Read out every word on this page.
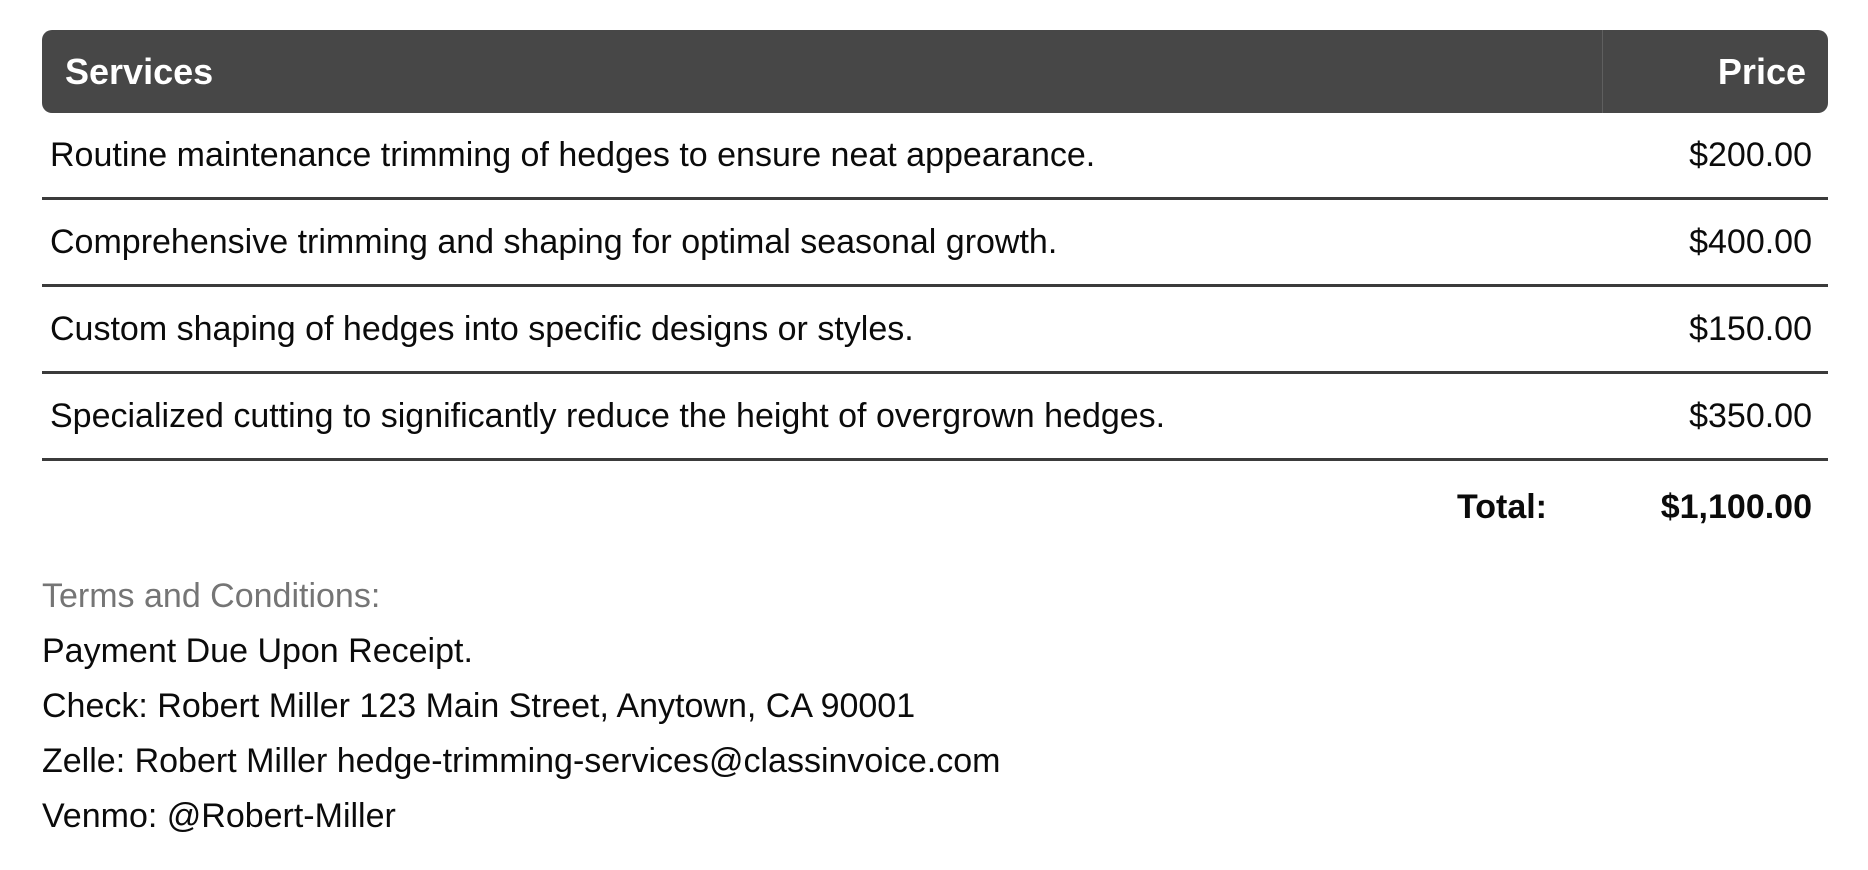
Services	Price
Routine maintenance trimming of hedges to ensure neat appearance.	$200.00
Comprehensive trimming and shaping for optimal seasonal growth.	$400.00
Custom shaping of hedges into specific designs or styles.	$150.00
Specialized cutting to significantly reduce the height of overgrown hedges.	$350.00
Total:	$1,100.00
Terms and Conditions:
Payment Due Upon Receipt.
Check: Robert Miller 123 Main Street, Anytown, CA 90001
Zelle: Robert Miller hedge-trimming-services@classinvoice.com
Venmo: @Robert-Miller
